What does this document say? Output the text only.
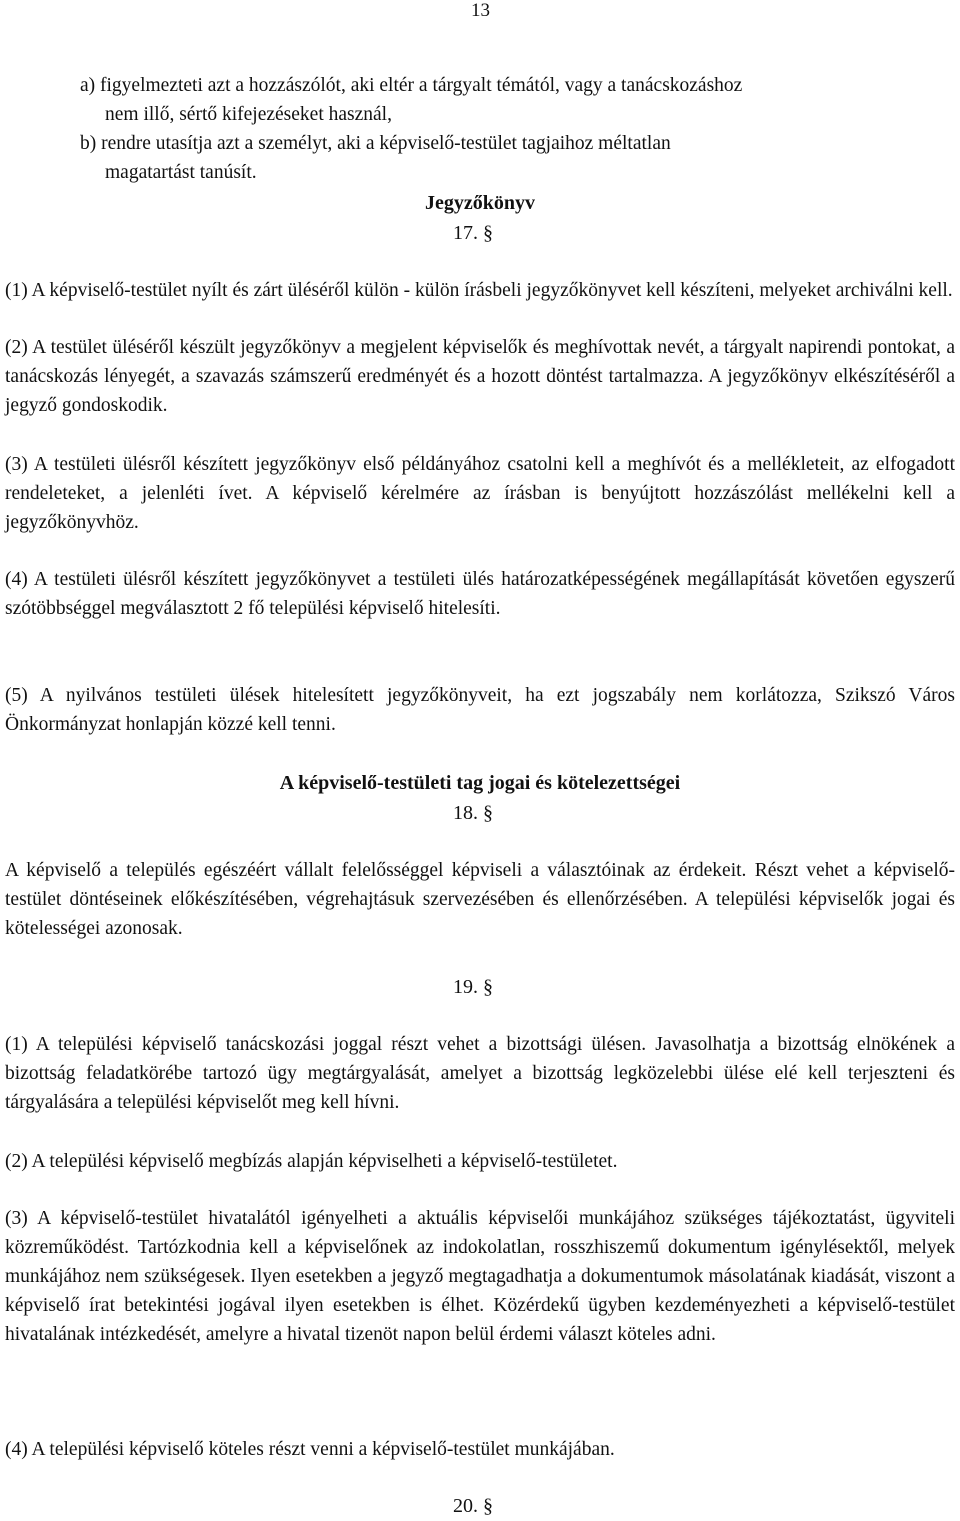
13
a) figyelmezteti azt a hozzászólót, aki eltér a tárgyalt témától, vagy a tanácskozáshoz
nem illő, sértő kifejezéseket használ,
b) rendre utasítja azt a személyt, aki a képviselő-testület tagjaihoz méltatlan
magatartást tanúsít.
Jegyzőkönyv
17. §

(1) A képviselő-testület nyílt és zárt üléséről külön - külön írásbeli jegyzőkönyvet kell készíteni, melyeket archiválni kell.

(2) A testület üléséről készült jegyzőkönyv a megjelent képviselők és meghívottak nevét, a tárgyalt napirendi pontokat, a tanácskozás lényegét, a szavazás számszerű eredményét és a hozott döntést tartalmazza. A jegyzőkönyv elkészítéséről a jegyző gondoskodik.

(3) A testületi ülésről készített jegyzőkönyv első példányához csatolni kell a meghívót és a mellékleteit, az elfogadott rendeleteket, a jelenléti ívet. A képviselő kérelmére az írásban is benyújtott hozzászólást mellékelni kell a jegyzőkönyvhöz.

(4) A testületi ülésről készített jegyzőkönyvet a testületi ülés határozatképességének megállapítását követően egyszerű szótöbbséggel megválasztott 2 fő települési képviselő hitelesíti.

(5) A nyilvános testületi ülések hitelesített jegyzőkönyveit, ha ezt jogszabály nem korlátozza, Szikszó Város Önkormányzat honlapján közzé kell tenni.

A képviselő-testületi tag jogai és kötelezettségei
18. §

A képviselő a település egészéért vállalt felelősséggel képviseli a választóinak az érdekeit. Részt vehet a képviselő-testület döntéseinek előkészítésében, végrehajtásuk szervezésében és ellenőrzésében. A települési képviselők jogai és kötelességei azonosak.

19. §

(1) A települési képviselő tanácskozási joggal részt vehet a bizottsági ülésen. Javasolhatja a bizottság elnökének a bizottság feladatkörébe tartozó ügy megtárgyalását, amelyet a bizottság legközelebbi ülése elé kell terjeszteni és tárgyalására a települési képviselőt meg kell hívni.

(2) A települési képviselő megbízás alapján képviselheti a képviselő-testületet.

(3) A képviselő-testület hivatalától igényelheti a aktuális képviselői munkájához szükséges tájékoztatást, ügyviteli közreműködést. Tartózkodnia kell a képviselőnek az indokolatlan, rosszhiszemű dokumentum igénylésektől, melyek munkájához nem szükségesek. Ilyen esetekben a jegyző megtagadhatja a dokumentumok másolatának kiadását, viszont a képviselő írat betekintési jogával ilyen esetekben is élhet. Közérdekű ügyben kezdeményezheti a képviselő-testület hivatalának intézkedését, amelyre a hivatal tizenöt napon belül érdemi választ köteles adni.

(4) A települési képviselő köteles részt venni a képviselő-testület munkájában.

20. §
